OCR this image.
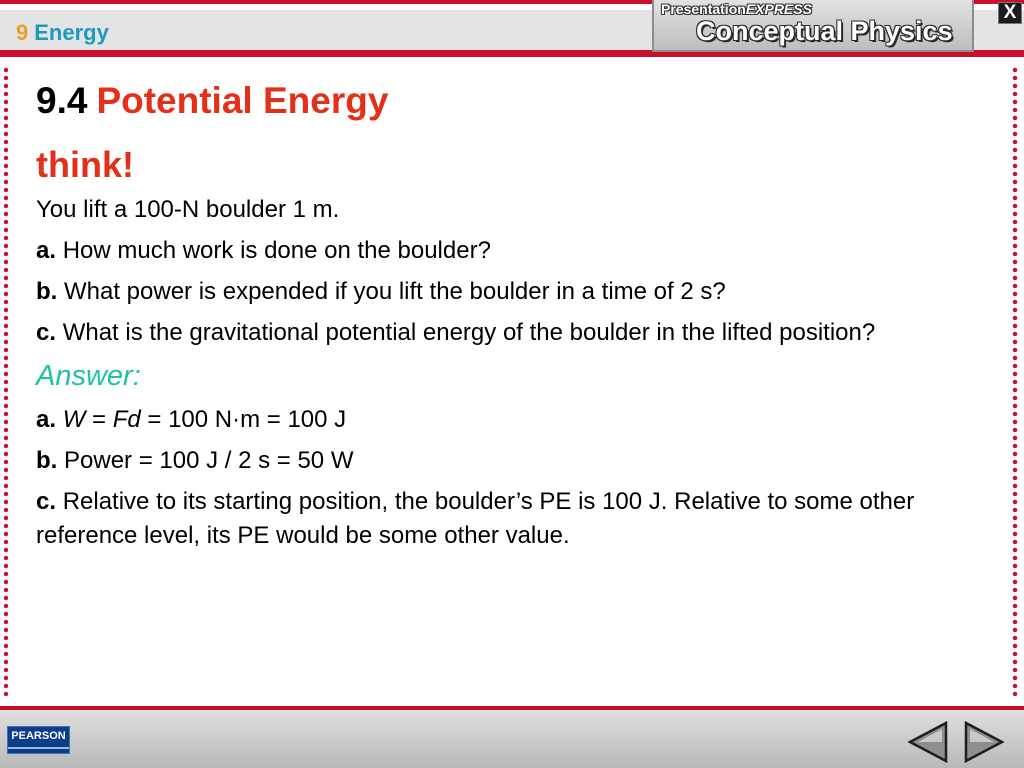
9 Energy
PresentationEXPRESS
Conceptual Physics
X
9.4 Potential Energy
think!
You lift a 100-N boulder 1 m.
a. How much work is done on the boulder?
b. What power is expended if you lift the boulder in a time of 2 s?
c. What is the gravitational potential energy of the boulder in the lifted position?
Answer:
a. W = Fd = 100 N·m = 100 J
b. Power = 100 J / 2 s = 50 W
c. Relative to its starting position, the boulder’s PE is 100 J. Relative to some other reference level, its PE would be some other value.
PEARSON
